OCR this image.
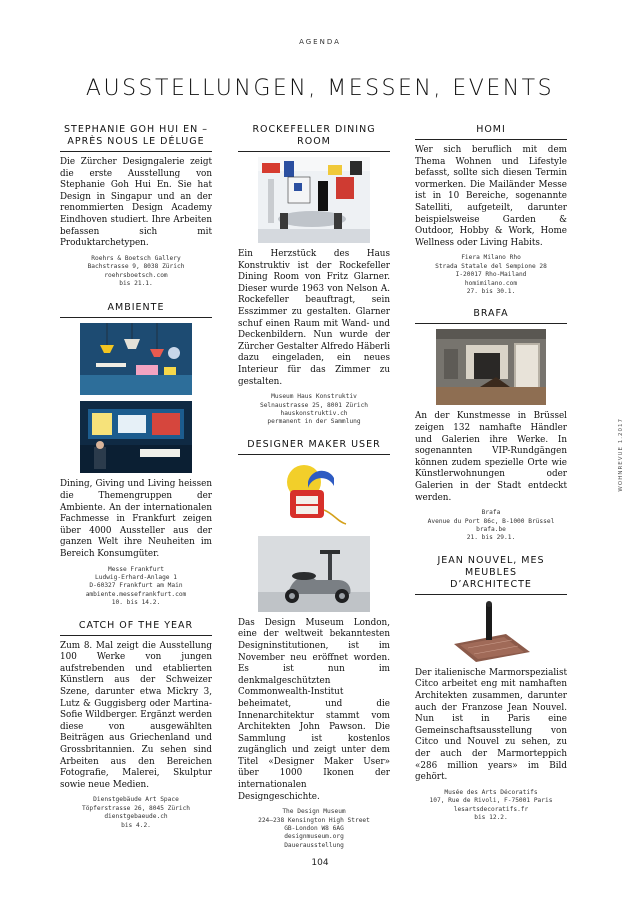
AGENDA
AUSSTELLUNGEN, MESSEN, EVENTS
STEPHANIE GOH HUI EN –
APRÈS NOUS LE DÉLUGE

Die Zürcher Designgalerie zeigt die erste Ausstellung von Stephanie Goh Hui En. Sie hat Design in Singapur und an der renommierten Design Academy Eindhoven studiert. Ihre Arbeiten befassen sich mit Produktarchetypen.

Roehrs & Boetsch Gallery
Bachstrasse 9, 8038 Zürich
roehrsboetsch.com
bis 21.1.
AMBIENTE

Dining, Giving und Living heissen die Themengruppen der Ambiente. An der internationalen Fachmesse in Frankfurt zeigen über 4000 Aussteller aus der ganzen Welt ihre Neuheiten im Bereich Konsumgüter.

Messe Frankfurt
Ludwig-Erhard-Anlage 1
D-60327 Frankfurt am Main
ambiente.messefrankfurt.com
10. bis 14.2.
CATCH OF THE YEAR

Zum 8. Mal zeigt die Ausstellung 100 Werke von jungen aufstrebenden und etablierten Künstlern aus der Schweizer Szene, darunter etwa Mickry 3, Lutz & Guggisberg oder Martina-Sofie Wildberger. Ergänzt werden diese von ausgewählten Beiträgen aus Griechenland und Grossbritannien. Zu sehen sind Arbeiten aus den Bereichen Fotografie, Malerei, Skulptur sowie neue Medien.

Dienstgebäude Art Space
Töpferstrasse 26, 8045 Zürich
dienstgebaeude.ch
bis 4.2.
ROCKEFELLER DINING ROOM

Ein Herzstück des Haus Konstruktiv ist der Rockefeller Dining Room von Fritz Glarner. Dieser wurde 1963 von Nelson A. Rockefeller beauftragt, sein Esszimmer zu gestalten. Glarner schuf einen Raum mit Wand- und Deckenbildern. Nun wurde der Zürcher Gestalter Alfredo Häberli dazu eingeladen, ein neues Interieur für das Zimmer zu gestalten.

Museum Haus Konstruktiv
Selnaustrasse 25, 8001 Zürich
hauskonstruktiv.ch
permanent in der Sammlung
DESIGNER MAKER USER

Das Design Museum London, eine der weltweit bekanntesten Designinstitutionen, ist im November neu eröffnet worden. Es ist nun im denkmalgeschützten Commonwealth-Institut beheimatet, und die Innenarchitektur stammt vom Architekten John Pawson. Die Sammlung ist kostenlos zugänglich und zeigt unter dem Titel «Designer Maker User» über 1000 Ikonen der internationalen Designgeschichte.

The Design Museum
224–238 Kensington High Street
GB-London W8 6AG
designmuseum.org
Dauerausstellung
HOMI

Wer sich beruflich mit dem Thema Wohnen und Lifestyle befasst, sollte sich diesen Termin vormerken. Die Mailänder Messe ist in 10 Bereiche, sogenannte Satelliti, aufgeteilt, darunter beispielsweise Garden & Outdoor, Hobby & Work, Home Wellness oder Living Habits.

Fiera Milano Rho
Strada Statale del Sempione 28
I-20017 Rho-Mailand
homimilano.com
27. bis 30.1.
BRAFA

An der Kunstmesse in Brüssel zeigen 132 namhafte Händler und Galerien ihre Werke. In sogenannten VIP-Rundgängen können zudem spezielle Orte wie Künstlerwohnungen oder Galerien in der Stadt entdeckt werden.

Brafa
Avenue du Port 86c, B-1000 Brüssel
brafa.be
21. bis 29.1.
JEAN NOUVEL, MES MEUBLES
D’ARCHITECTE

Der italienische Marmorspezialist Citco arbeitet eng mit namhaften Architekten zusammen, darunter auch der Franzose Jean Nouvel. Nun ist in Paris eine Gemeinschaftsausstellung von Citco und Nouvel zu sehen, zu der auch der Marmorteppich «286 million years» im Bild gehört.

Musée des Arts Décoratifs
107, Rue de Rivoli, F-75001 Paris
lesartsdecoratifs.fr
bis 12.2.
WOHNREVUE 1.2017
104
